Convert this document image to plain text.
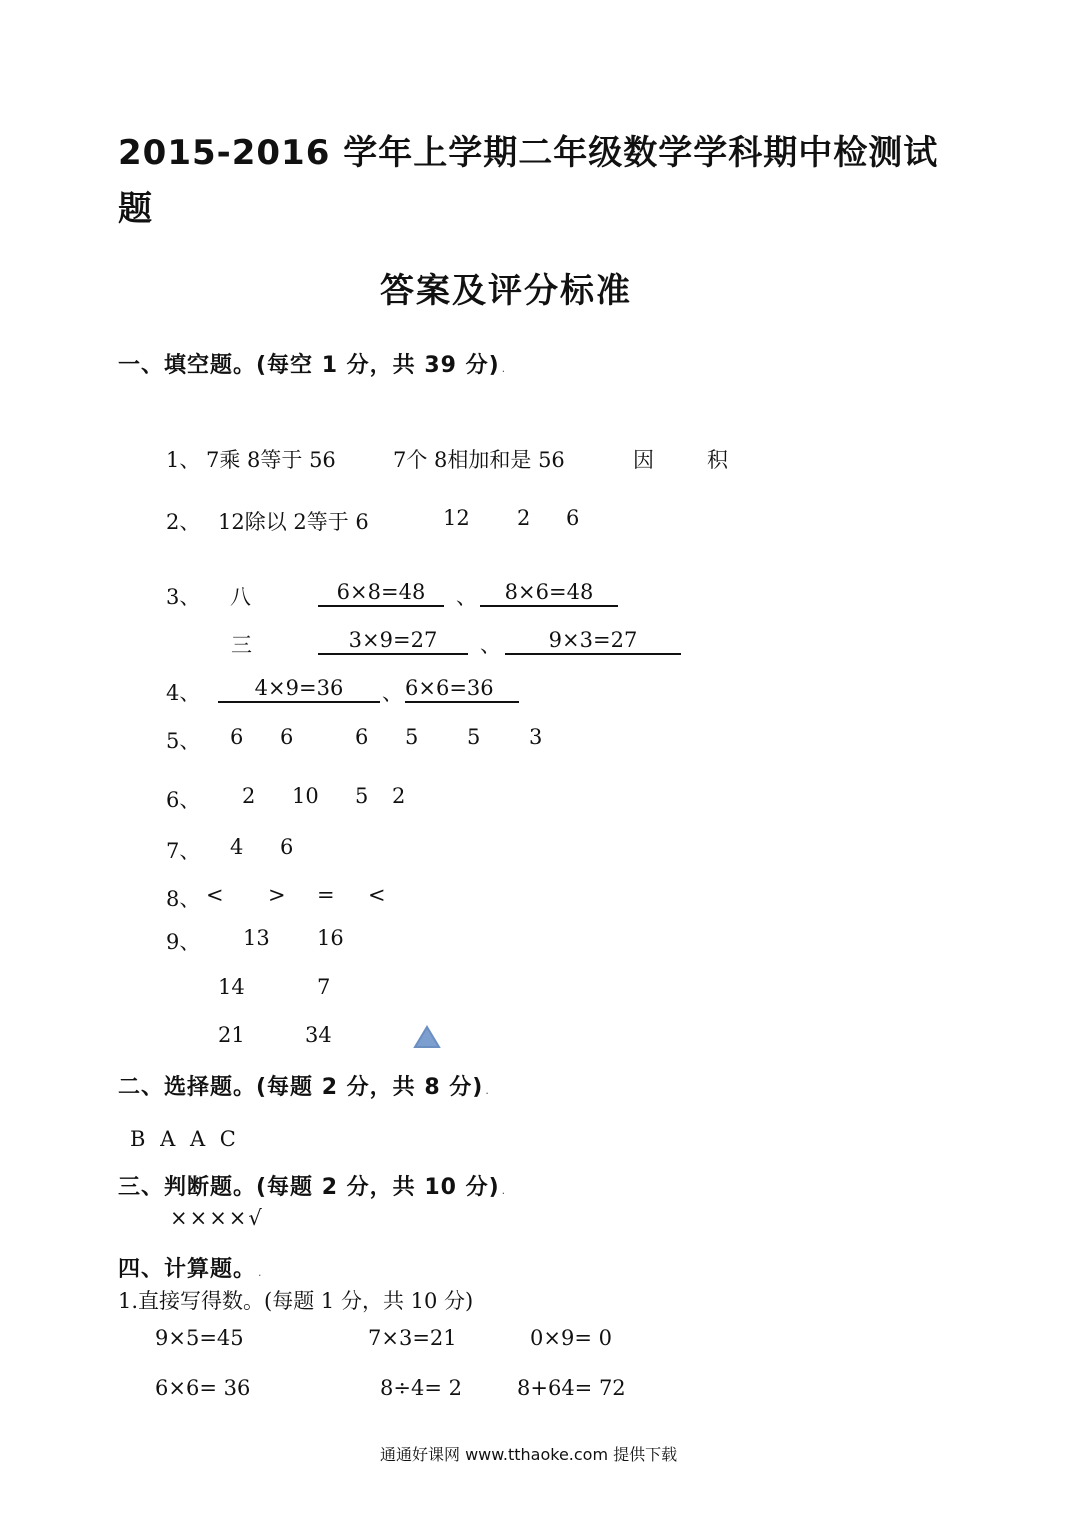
2015-2016 学年上学期二年级数学学科期中检测试
题
答案及评分标准
一、填空题。(每空 1 分，共 39 分) .
1、 7乘 8等于 56	7个 8相加和是 56	因	积
2、 12除以 2等于 6	12 2 6
3、 八	6×8=48	、	8×6=48
三	3×9=27	、	9×3=27
4、	4×9=36	、 6×6=36
5、 6 6	6 5 5 3
6、 2 10 5 2
7、 4 6
8、 < > = <
9、 13 16
14	7
21	34
二、选择题。(每题 2 分，共 8 分) .
B A A C
三、判断题。(每题 2 分，共 10 分) .
××××√
四、计算题。 .
1.直接写得数。(每题 1 分，共 10 分)
9×5=45	7×3=21	0×9= 0
6×6= 36	8÷4= 2	8+64= 72
通通好课网 www.tthaoke.com 提供下载
